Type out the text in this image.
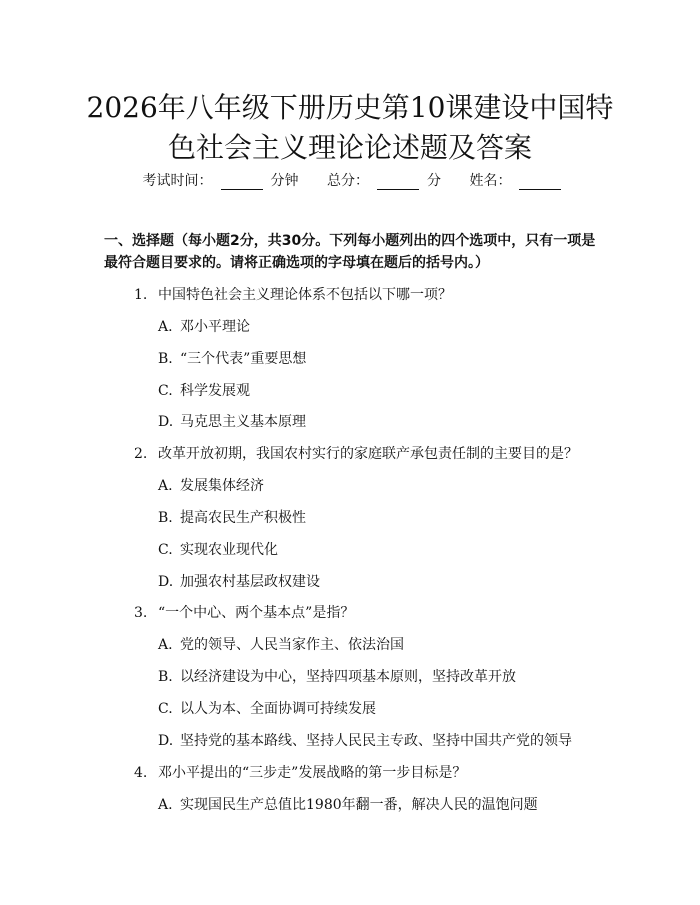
2026年八年级下册历史第10课建设中国特
色社会主义理论论述题及答案
考试时间：	分钟 总分：	分 姓名：
一、选择题（每小题2分，共30分。下列每小题列出的四个选项中，只有一项是最符合题目要求的。请将正确选项的字母填在题后的括号内。）
1. 中国特色社会主义理论体系不包括以下哪一项？
A. 邓小平理论
B. “三个代表”重要思想
C. 科学发展观
D. 马克思主义基本原理
2. 改革开放初期，我国农村实行的家庭联产承包责任制的主要目的是？
A. 发展集体经济
B. 提高农民生产积极性
C. 实现农业现代化
D. 加强农村基层政权建设
3. “一个中心、两个基本点”是指？
A. 党的领导、人民当家作主、依法治国
B. 以经济建设为中心，坚持四项基本原则，坚持改革开放
C. 以人为本、全面协调可持续发展
D. 坚持党的基本路线、坚持人民民主专政、坚持中国共产党的领导
4. 邓小平提出的“三步走”发展战略的第一步目标是？
A. 实现国民生产总值比1980年翻一番，解决人民的温饱问题
